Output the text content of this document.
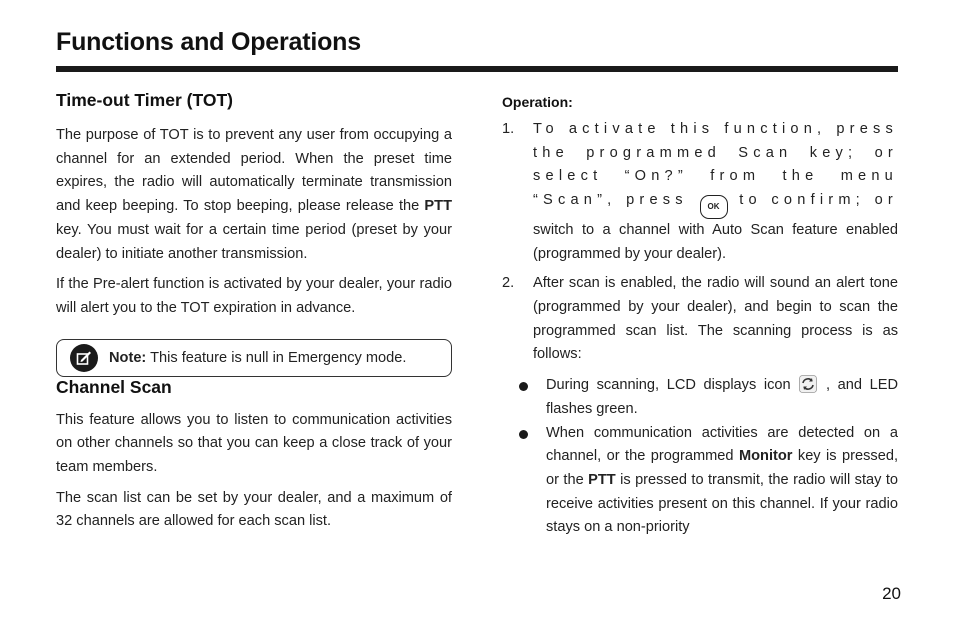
Functions and Operations
Time-out Timer (TOT)

The purpose of TOT is to prevent any user from occupying a channel for an extended period. When the preset time expires, the radio will automatically terminate transmission and keep beeping. To stop beeping, please release the PTT key. You must wait for a certain time period (preset by your dealer) to initiate another transmission.

If the Pre-alert function is activated by your dealer, your radio will alert you to the TOT expiration in advance.

Note: This feature is null in Emergency mode.
Channel Scan

This feature allows you to listen to communication activities on other channels so that you can keep a close track of your team members.

The scan list can be set by your dealer, and a maximum of 32 channels are allowed for each scan list.

Operation:
1. To activate this function, press
the programmed Scan key; or
select “On?” from the menu
“Scan”, press OK to confirm; or

switch to a channel with Auto Scan feature enabled (programmed by your dealer).

2. After scan is enabled, the radio will sound an alert tone (programmed by your dealer), and begin to scan the programmed scan list. The scanning process is as follows:

During scanning, LCD displays icon  , and LED flashes green.

When communication activities are detected on a channel, or the programmed Monitor key is pressed, or the PTT is pressed to transmit, the radio will stay to receive activities present on this channel. If your radio stays on a non-priority

20
